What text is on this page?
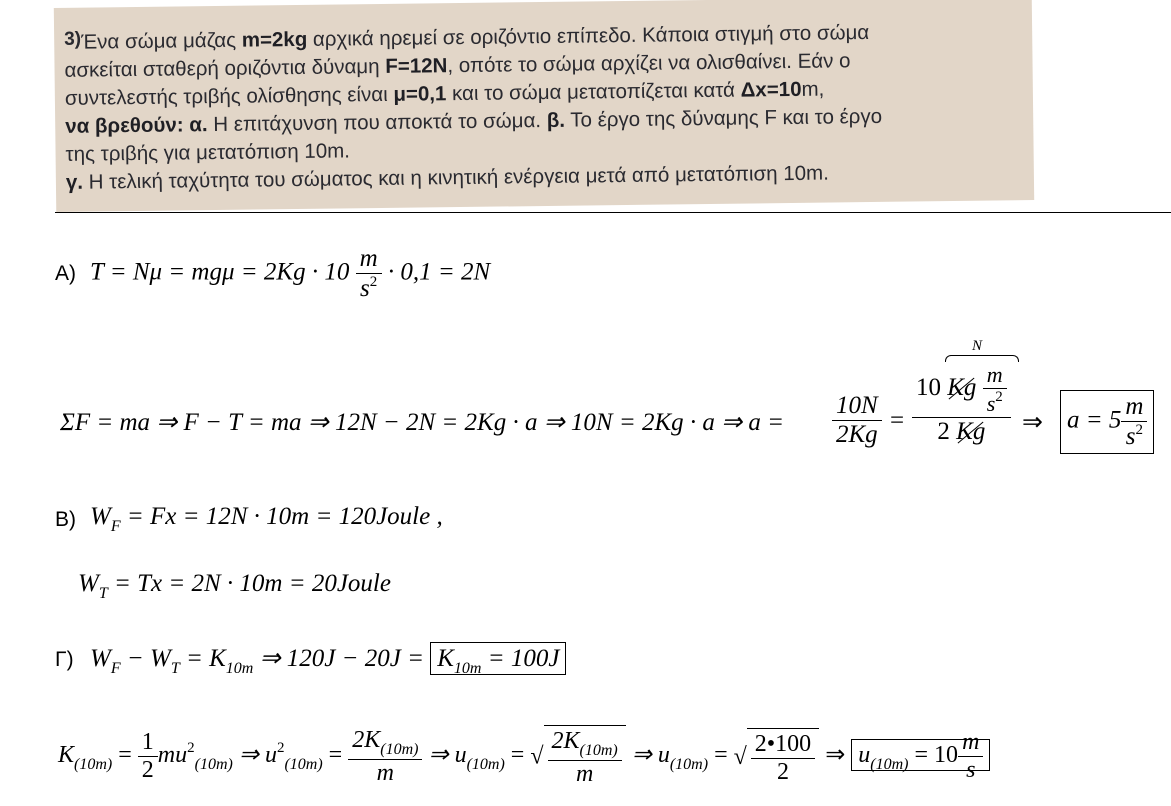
3)Ένα σώμα μάζας m=2kg αρχικά ηρεμεί σε οριζόντιο επίπεδο. Κάποια στιγμή στο σώμα
ασκείται σταθερή οριζόντια δύναμη F=12N, οπότε το σώμα αρχίζει να ολισθαίνει. Εάν ο
συντελεστής τριβής ολίσθησης είναι μ=0,1 και το σώμα μετατοπίζεται κατά Δx=10m,
να βρεθούν: α. Η επιτάχυνση που αποκτά το σώμα. β. Το έργο της δύναμης F και το έργο
της τριβής για μετατόπιση 10m.
γ. Η τελική ταχύτητα του σώματος και η κινητική ενέργεια μετά από μετατόπιση 10m.
A) $T = N\mu = mg\mu = 2Kg \cdot 10 \frac{m}{s^2} \cdot 0,1 = 2N$
ΣF = ma ⇒ F − T = ma ⇒ 12N − 2N = 2Kg · a ⇒ 10N = 2Kg · a ⇒ $a = \frac{10N}{2Kg}$ =
N
$\frac{10 Kg \frac{m}{s^2}}{2 Kg}$ ⇒ $a = 5 \frac{m}{s^2}$
B) $W_F = Fx = 12N \cdot 10m$ = 120Joule ,
$W_T = Tx = 2N \cdot 10m$ = 20Joule
Γ) $W_F - W_T = K_{10m}$ ⇒ $120J - 20J = K_{10m} = 100J$
$K_{(10m)} = \frac{1}{2} mu^2_{(10m)}$ ⇒ $u^2_{(10m)} = \frac{2K_{(10m)}}{m}$ ⇒ $u_{(10m)}$ = √ $\frac{2K_{(10m)}}{m}$ ⇒ $u_{(10m)}$ = √ $\frac{2•100}{2}$ ⇒ $u_{(10m)} = 10 \frac{m}{s}$
